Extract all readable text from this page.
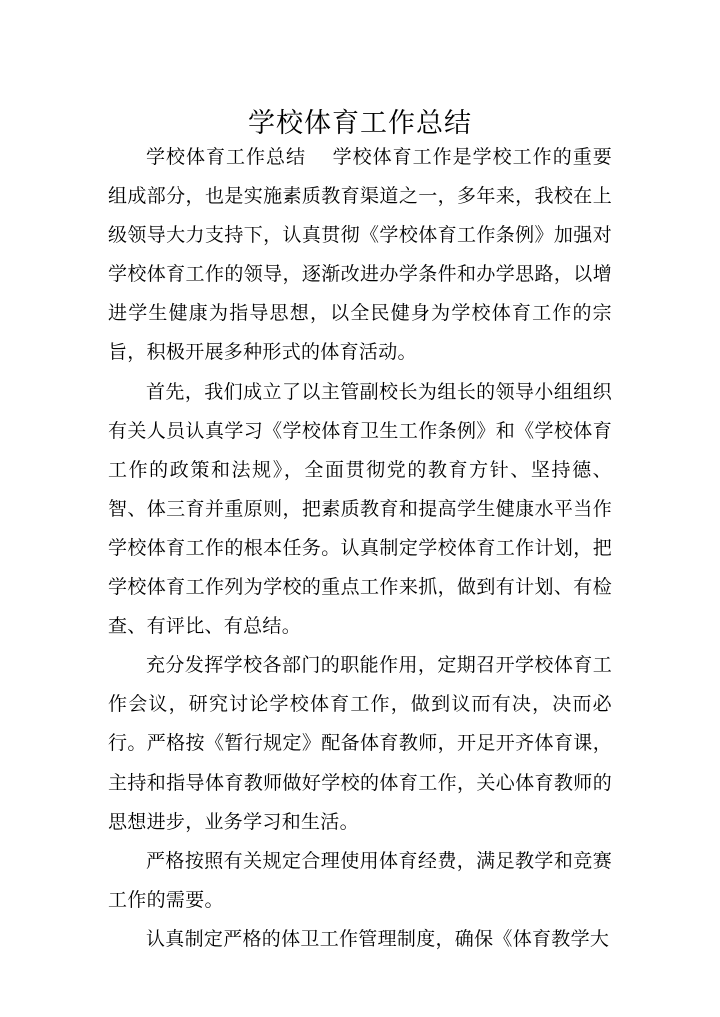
学校体育工作总结

学校体育工作总结 学校体育工作是学校工作的重要组成部分，也是实施素质教育渠道之一，多年来，我校在上级领导大力支持下，认真贯彻《学校体育工作条例》加强对学校体育工作的领导，逐渐改进办学条件和办学思路，以增进学生健康为指导思想，以全民健身为学校体育工作的宗旨，积极开展多种形式的体育活动。

首先，我们成立了以主管副校长为组长的领导小组组织有关人员认真学习《学校体育卫生工作条例》和《学校体育工作的政策和法规》，全面贯彻党的教育方针、坚持德、智、体三育并重原则，把素质教育和提高学生健康水平当作学校体育工作的根本任务。认真制定学校体育工作计划，把学校体育工作列为学校的重点工作来抓，做到有计划、有检查、有评比、有总结。

充分发挥学校各部门的职能作用，定期召开学校体育工作会议，研究讨论学校体育工作，做到议而有决，决而必行。严格按《暂行规定》配备体育教师，开足开齐体育课，主持和指导体育教师做好学校的体育工作，关心体育教师的思想进步，业务学习和生活。

严格按照有关规定合理使用体育经费，满足教学和竞赛工作的需要。

认真制定严格的体卫工作管理制度，确保《体育教学大
